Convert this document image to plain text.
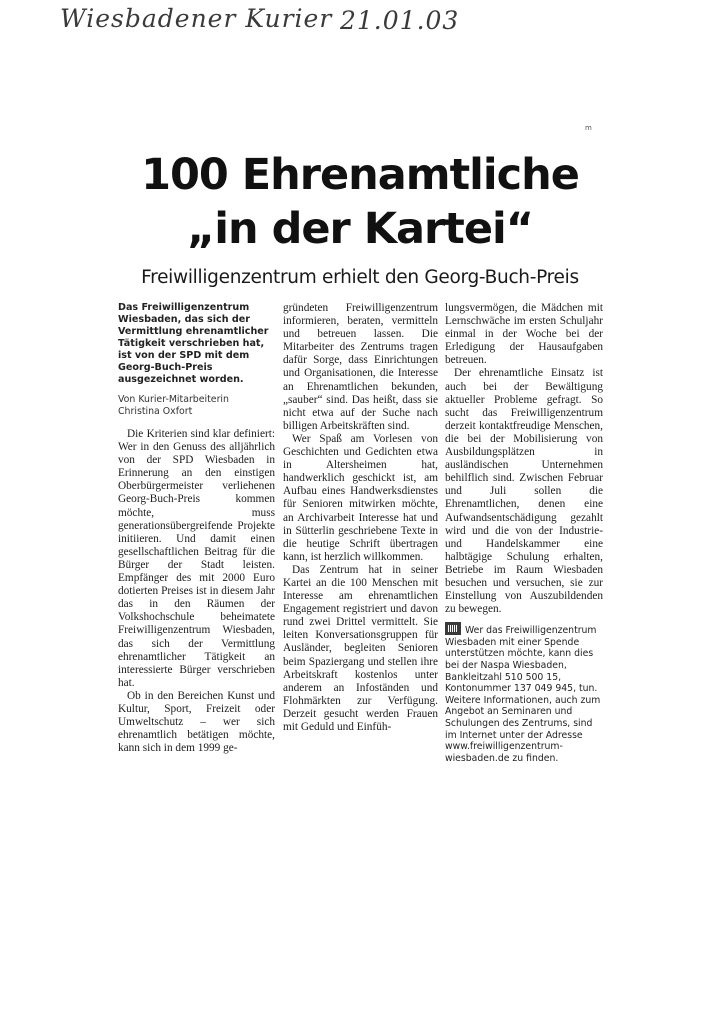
Wiesbadener Kurier 21.01.03
m
100 Ehrenamtliche
„in der Kartei“
Freiwilligenzentrum erhielt den Georg-Buch-Preis

Das Freiwilligenzentrum Wiesbaden, das sich der Vermittlung ehrenamtlicher Tätigkeit verschrieben hat, ist von der SPD mit dem Georg-Buch-Preis ausgezeichnet worden.

Von Kurier-Mitarbeiterin
Christina Oxfort

Die Kriterien sind klar definiert: Wer in den Genuss des alljährlich von der SPD Wiesbaden in Erinnerung an den einstigen Oberbürgermeister verliehenen Georg-Buch-Preis kommen möchte, muss generationsübergreifende Projekte initiieren. Und damit einen gesellschaftlichen Beitrag für die Bürger der Stadt leisten. Empfänger des mit 2000 Euro dotierten Preises ist in diesem Jahr das in den Räumen der Volkshochschule beheimatete Freiwilligenzentrum Wiesbaden, das sich der Vermittlung ehrenamtlicher Tätigkeit an interessierte Bürger verschrieben hat.

Ob in den Bereichen Kunst und Kultur, Sport, Freizeit oder Umweltschutz – wer sich ehrenamtlich betätigen möchte, kann sich in dem 1999 ge-

gründeten Freiwilligenzentrum informieren, beraten, vermitteln und betreuen lassen. Die Mitarbeiter des Zentrums tragen dafür Sorge, dass Einrichtungen und Organisationen, die Interesse an Ehrenamtlichen bekunden, „sauber“ sind. Das heißt, dass sie nicht etwa auf der Suche nach billigen Arbeitskräften sind.

Wer Spaß am Vorlesen von Geschichten und Gedichten etwa in Altersheimen hat, handwerklich geschickt ist, am Aufbau eines Handwerksdienstes für Senioren mitwirken möchte, an Archivarbeit Interesse hat und in Sütterlin geschriebene Texte in die heutige Schrift übertragen kann, ist herzlich willkommen.

Das Zentrum hat in seiner Kartei an die 100 Menschen mit Interesse am ehrenamtlichen Engagement registriert und davon rund zwei Drittel vermittelt. Sie leiten Konversationsgruppen für Ausländer, begleiten Senioren beim Spaziergang und stellen ihre Arbeitskraft kostenlos unter anderem an Infoständen und Flohmärkten zur Verfügung. Derzeit gesucht werden Frauen mit Geduld und Einfüh-

lungsvermögen, die Mädchen mit Lernschwäche im ersten Schuljahr einmal in der Woche bei der Erledigung der Hausaufgaben betreuen.

Der ehrenamtliche Einsatz ist auch bei der Bewältigung aktueller Probleme gefragt. So sucht das Freiwilligenzentrum derzeit kontaktfreudige Menschen, die bei der Mobilisierung von Ausbildungsplätzen in ausländischen Unternehmen behilflich sind. Zwischen Februar und Juli sollen die Ehrenamtlichen, denen eine Aufwandsentschädigung gezahlt wird und die von der Industrie- und Handelskammer eine halbtägige Schulung erhalten, Betriebe im Raum Wiesbaden besuchen und versuchen, sie zur Einstellung von Auszubildenden zu bewegen.

Wer das Freiwilligenzentrum Wiesbaden mit einer Spende unterstützen möchte, kann dies bei der Naspa Wiesbaden, Bankleitzahl 510 500 15, Kontonummer 137 049 945, tun. Weitere Informationen, auch zum Angebot an Seminaren und Schulungen des Zentrums, sind im Internet unter der Adresse www.freiwilligenzentrum-wiesbaden.de zu finden.
